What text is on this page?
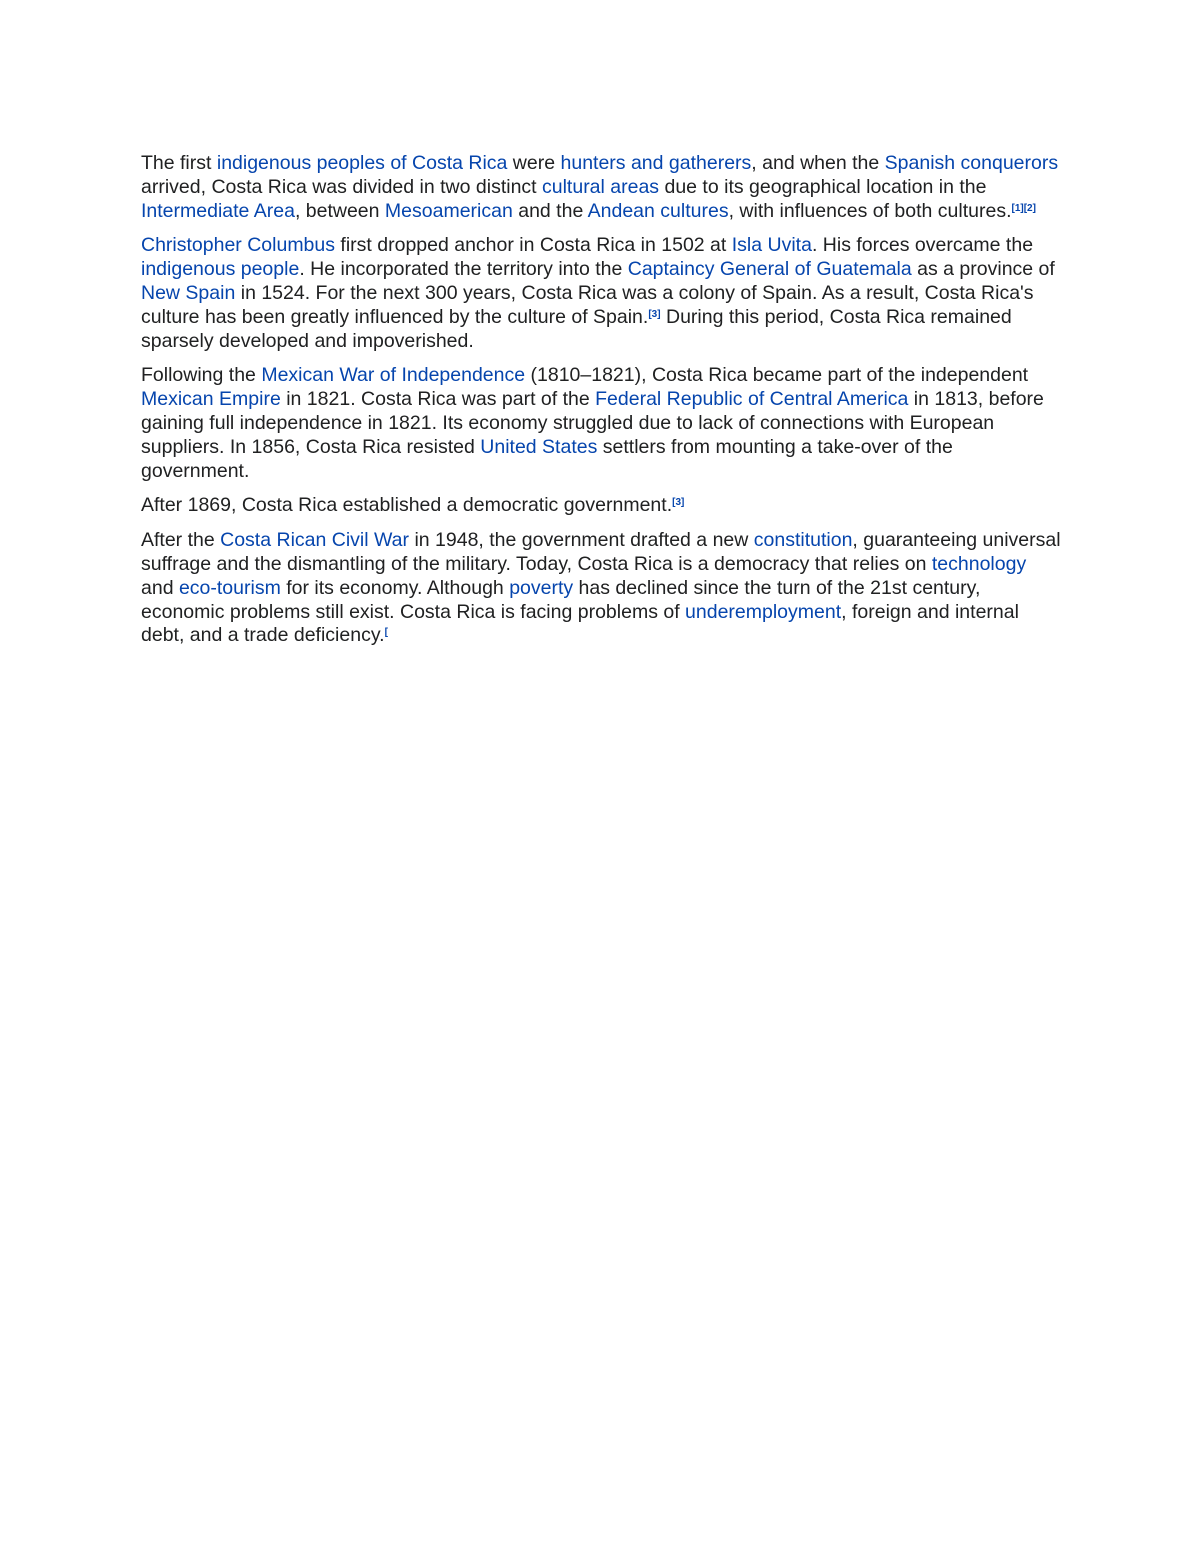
The first indigenous peoples of Costa Rica were hunters and gatherers, and when the Spanish conquerors arrived, Costa Rica was divided in two distinct cultural areas due to its geographical location in the Intermediate Area, between Mesoamerican and the Andean cultures, with influences of both cultures.[1][2]

Christopher Columbus first dropped anchor in Costa Rica in 1502 at Isla Uvita. His forces overcame the indigenous people. He incorporated the territory into the Captaincy General of Guatemala as a province of New Spain in 1524. For the next 300 years, Costa Rica was a colony of Spain. As a result, Costa Rica's culture has been greatly influenced by the culture of Spain.[3] During this period, Costa Rica remained sparsely developed and impoverished.

Following the Mexican War of Independence (1810–1821), Costa Rica became part of the independent Mexican Empire in 1821. Costa Rica was part of the Federal Republic of Central America in 1813, before gaining full independence in 1821. Its economy struggled due to lack of connections with European suppliers. In 1856, Costa Rica resisted United States settlers from mounting a take-over of the government.

After 1869, Costa Rica established a democratic government.[3]

After the Costa Rican Civil War in 1948, the government drafted a new constitution, guaranteeing universal suffrage and the dismantling of the military. Today, Costa Rica is a democracy that relies on technology and eco-tourism for its economy. Although poverty has declined since the turn of the 21st century, economic problems still exist. Costa Rica is facing problems of underemployment, foreign and internal debt, and a trade deficiency.[
